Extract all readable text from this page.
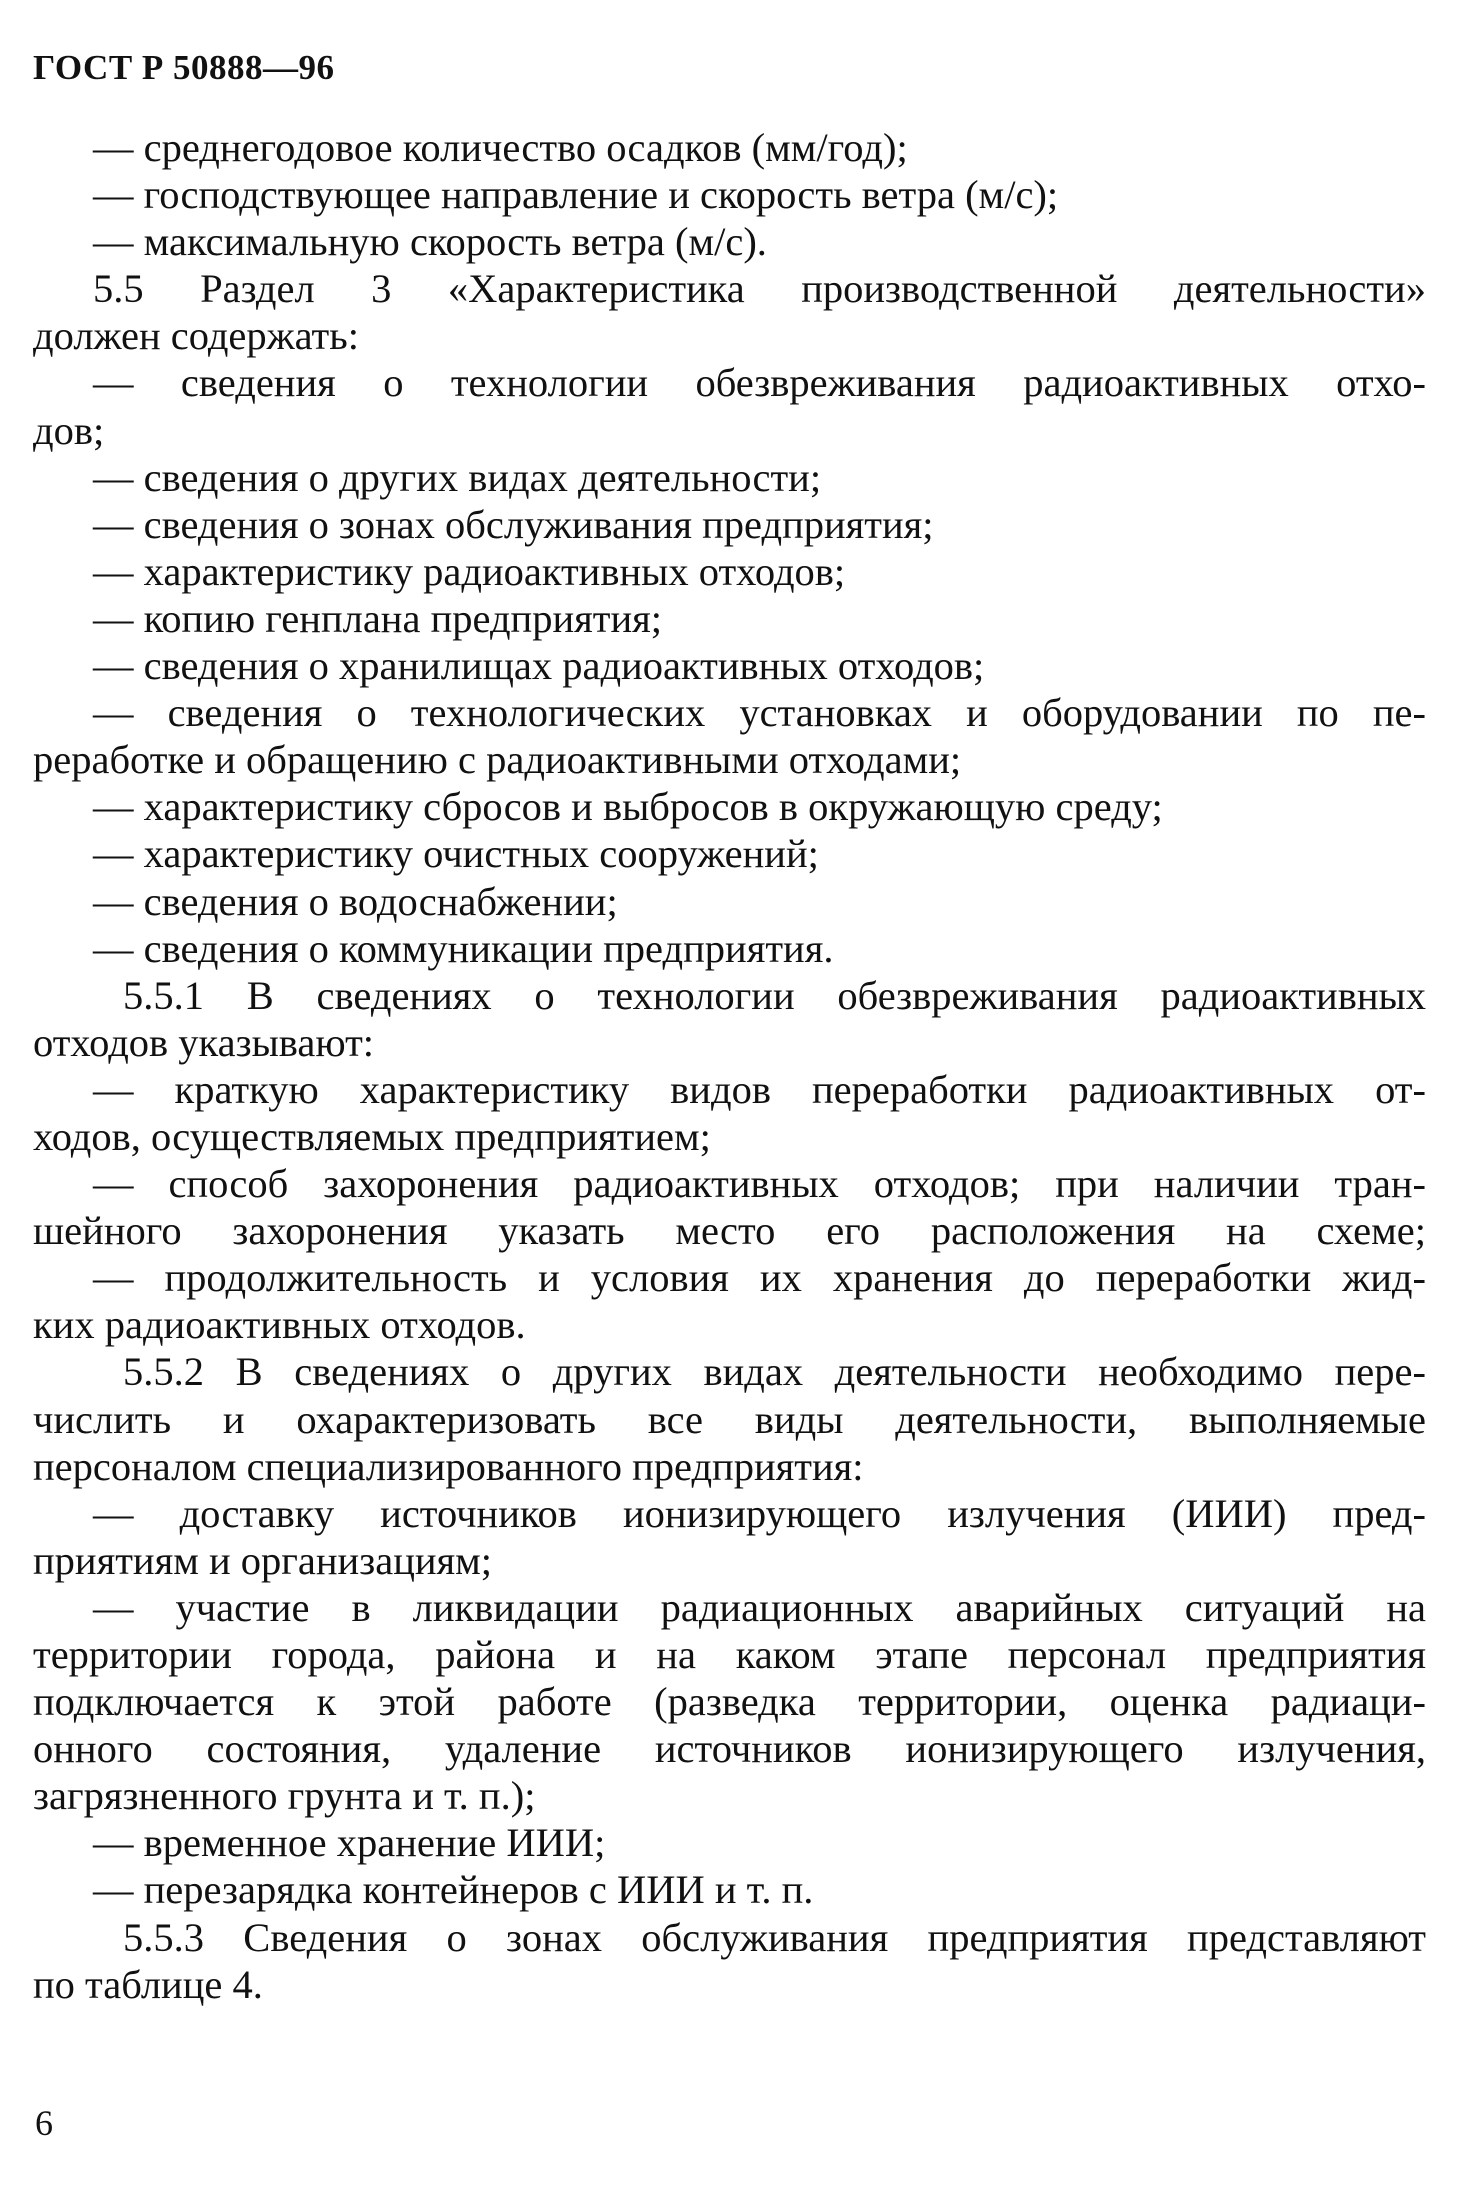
ГОСТ Р 50888—96
— среднегодовое количество осадков (мм/год);
— господствующее направление и скорость ветра (м/с);
— максимальную скорость ветра (м/с).
5.5 Раздел 3 «Характеристика производственной деятельности»
должен содержать:
— сведения о технологии обезвреживания радиоактивных отхо-
дов;
— сведения о других видах деятельности;
— сведения о зонах обслуживания предприятия;
— характеристику радиоактивных отходов;
— копию генплана предприятия;
— сведения о хранилищах радиоактивных отходов;
— сведения о технологических установках и оборудовании по пе-
реработке и обращению с радиоактивными отходами;
— характеристику сбросов и выбросов в окружающую среду;
— характеристику очистных сооружений;
— сведения о водоснабжении;
— сведения о коммуникации предприятия.
5.5.1 В сведениях о технологии обезвреживания радиоактивных
отходов указывают:
— краткую характеристику видов переработки радиоактивных от-
ходов, осуществляемых предприятием;
— способ захоронения радиоактивных отходов; при наличии тран-
шейного захоронения указать место его расположения на схеме;
— продолжительность и условия их хранения до переработки жид-
ких радиоактивных отходов.
5.5.2 В сведениях о других видах деятельности необходимо пере-
числить и охарактеризовать все виды деятельности, выполняемые
персоналом специализированного предприятия:
— доставку источников ионизирующего излучения (ИИИ) пред-
приятиям и организациям;
— участие в ликвидации радиационных аварийных ситуаций на
территории города, района и на каком этапе персонал предприятия
подключается к этой работе (разведка территории, оценка радиаци-
онного состояния, удаление источников ионизирующего излучения,
загрязненного грунта и т. п.);
— временное хранение ИИИ;
— перезарядка контейнеров с ИИИ и т. п.
5.5.3 Сведения о зонах обслуживания предприятия представляют
по таблице 4.
6
